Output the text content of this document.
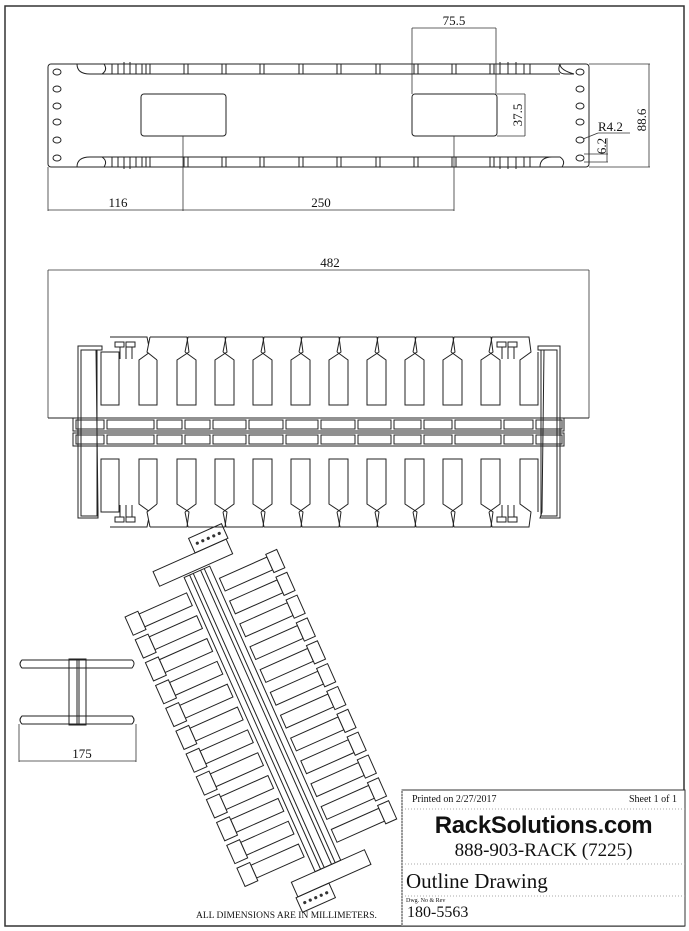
75.5
37.5	88.6
R4.2
6.2
116	250
482
175
Printed on 2/27/2017	Sheet 1 of 1
RackSolutions.com
888-903-RACK (7225)
Outline Drawing
Dwg. No & Rev
180-5563
ALL DIMENSIONS ARE IN MILLIMETERS.
